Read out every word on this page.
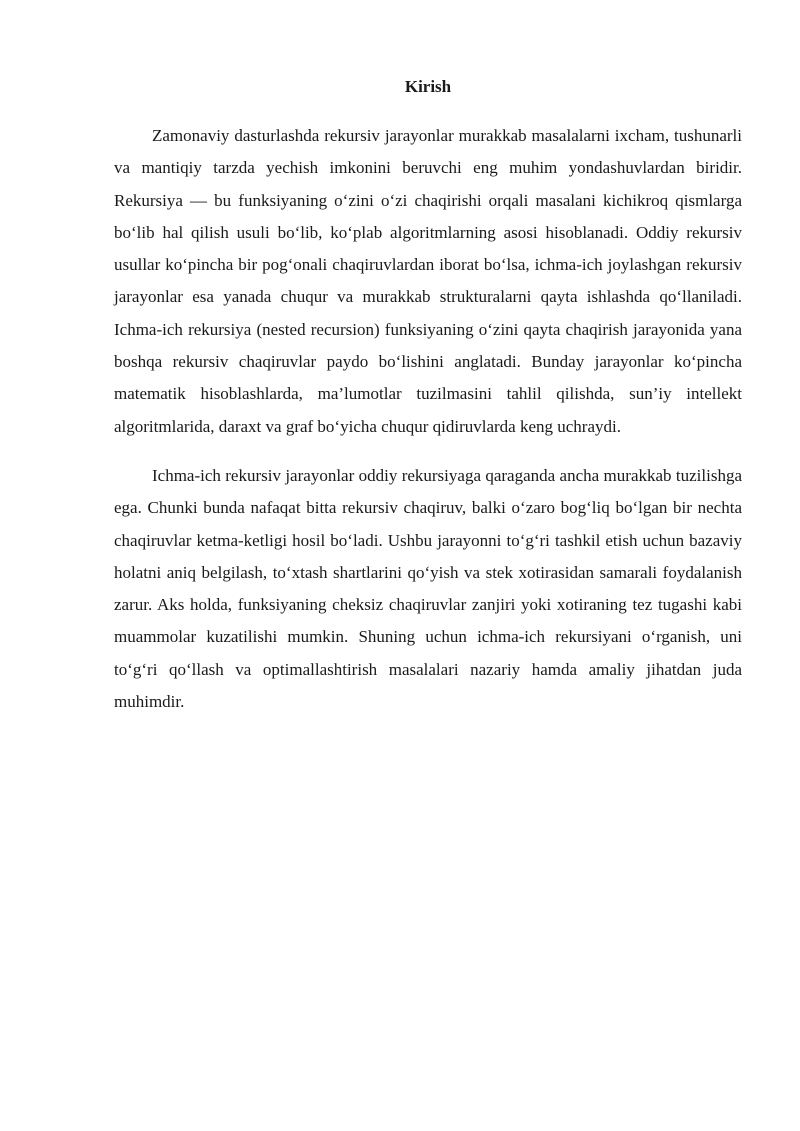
Kirish

Zamonaviy dasturlashda rekursiv jarayonlar murakkab masalalarni ixcham, tushunarli va mantiqiy tarzda yechish imkonini beruvchi eng muhim yondashuvlardan biridir. Rekursiya — bu funksiyaning o‘zini o‘zi chaqirishi orqali masalani kichikroq qismlarga bo‘lib hal qilish usuli bo‘lib, ko‘plab algoritmlarning asosi hisoblanadi. Oddiy rekursiv usullar ko‘pincha bir pog‘onali chaqiruvlardan iborat bo‘lsa, ichma-ich joylashgan rekursiv jarayonlar esa yanada chuqur va murakkab strukturalarni qayta ishlashda qo‘llaniladi. Ichma-ich rekursiya (nested recursion) funksiyaning o‘zini qayta chaqirish jarayonida yana boshqa rekursiv chaqiruvlar paydo bo‘lishini anglatadi. Bunday jarayonlar ko‘pincha matematik hisoblashlarda, ma’lumotlar tuzilmasini tahlil qilishda, sun’iy intellekt algoritmlarida, daraxt va graf bo‘yicha chuqur qidiruvlarda keng uchraydi.

Ichma-ich rekursiv jarayonlar oddiy rekursiyaga qaraganda ancha murakkab tuzilishga ega. Chunki bunda nafaqat bitta rekursiv chaqiruv, balki o‘zaro bog‘liq bo‘lgan bir nechta chaqiruvlar ketma-ketligi hosil bo‘ladi. Ushbu jarayonni to‘g‘ri tashkil etish uchun bazaviy holatni aniq belgilash, to‘xtash shartlarini qo‘yish va stek xotirasidan samarali foydalanish zarur. Aks holda, funksiyaning cheksiz chaqiruvlar zanjiri yoki xotiraning tez tugashi kabi muammolar kuzatilishi mumkin. Shuning uchun ichma-ich rekursiyani o‘rganish, uni to‘g‘ri qo‘llash va optimallashtirish masalalari nazariy hamda amaliy jihatdan juda muhimdir.
